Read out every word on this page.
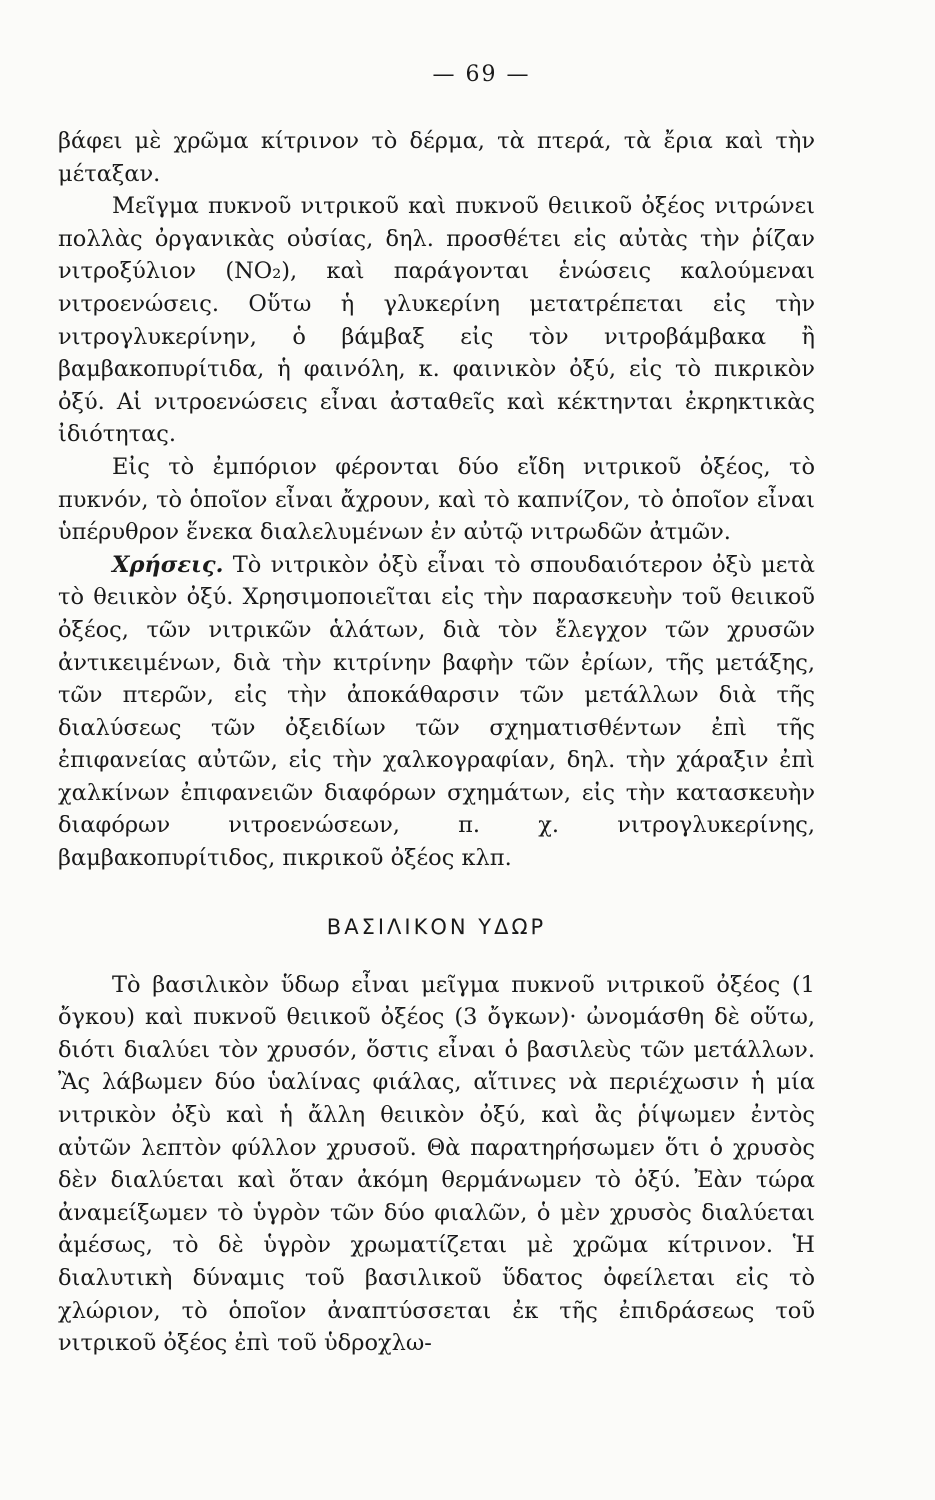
— 69 —

βάφει μὲ χρῶμα κίτρινον τὸ δέρμα, τὰ πτερά, τὰ ἔρια καὶ τὴν μέταξαν.

Μεῖγμα πυκνοῦ νιτρικοῦ καὶ πυκνοῦ θειικοῦ ὀξέος νιτρώνει πολλὰς ὀργανικὰς οὐσίας, δηλ. προσθέτει εἰς αὐτὰς τὴν ῥίζαν νιτροξύλιον (NO₂), καὶ παράγονται ἑνώσεις καλούμεναι νιτροενώσεις. Οὕτω ἡ γλυκερίνη μετατρέπεται εἰς τὴν νιτρογλυκερίνην, ὁ βάμβαξ εἰς τὸν νιτροβάμβακα ἢ βαμβακοπυρίτιδα, ἡ φαινόλη, κ. φαινικὸν ὀξύ, εἰς τὸ πικρικὸν ὀξύ. Αἱ νιτροενώσεις εἶναι ἀσταθεῖς καὶ κέκτηνται ἐκρηκτικὰς ἰδιότητας.

Εἰς τὸ ἐμπόριον φέρονται δύο εἴδη νιτρικοῦ ὀξέος, τὸ πυκνόν, τὸ ὁποῖον εἶναι ἄχρουν, καὶ τὸ καπνίζον, τὸ ὁποῖον εἶναι ὑπέρυθρον ἕνεκα διαλελυμένων ἐν αὐτῷ νιτρωδῶν ἀτμῶν.

Χρήσεις. Τὸ νιτρικὸν ὀξὺ εἶναι τὸ σπουδαιότερον ὀξὺ μετὰ τὸ θειικὸν ὀξύ. Χρησιμοποιεῖται εἰς τὴν παρασκευὴν τοῦ θειικοῦ ὀξέος, τῶν νιτρικῶν ἁλάτων, διὰ τὸν ἔλεγχον τῶν χρυσῶν ἀντικειμένων, διὰ τὴν κιτρίνην βαφὴν τῶν ἐρίων, τῆς μετάξης, τῶν πτερῶν, εἰς τὴν ἀποκάθαρσιν τῶν μετάλλων διὰ τῆς διαλύσεως τῶν ὀξειδίων τῶν σχηματισθέντων ἐπὶ τῆς ἐπιφανείας αὐτῶν, εἰς τὴν χαλκογραφίαν, δηλ. τὴν χάραξιν ἐπὶ χαλκίνων ἐπιφανειῶν διαφόρων σχημάτων, εἰς τὴν κατασκευὴν διαφόρων νιτροενώσεων, π. χ. νιτρογλυκερίνης, βαμβακοπυρίτιδος, πικρικοῦ ὀξέος κλπ.

ΒΑΣΙΛΙΚΟΝ ΥΔΩΡ

Τὸ βασιλικὸν ὕδωρ εἶναι μεῖγμα πυκνοῦ νιτρικοῦ ὀξέος (1 ὄγκου) καὶ πυκνοῦ θειικοῦ ὀξέος (3 ὄγκων)· ὠνομάσθη δὲ οὕτω, διότι διαλύει τὸν χρυσόν, ὅστις εἶναι ὁ βασιλεὺς τῶν μετάλλων. Ἂς λάβωμεν δύο ὑαλίνας φιάλας, αἵτινες νὰ περιέχωσιν ἡ μία νιτρικὸν ὀξὺ καὶ ἡ ἄλλη θειικὸν ὀξύ, καὶ ἂς ῥίψωμεν ἐντὸς αὐτῶν λεπτὸν φύλλον χρυσοῦ. Θὰ παρατηρήσωμεν ὅτι ὁ χρυσὸς δὲν διαλύεται καὶ ὅταν ἀκόμη θερμάνωμεν τὸ ὀξύ. Ἐὰν τώρα ἀναμείξωμεν τὸ ὑγρὸν τῶν δύο φιαλῶν, ὁ μὲν χρυσὸς διαλύεται ἀμέσως, τὸ δὲ ὑγρὸν χρωματίζεται μὲ χρῶμα κίτρινον. Ἡ διαλυτικὴ δύναμις τοῦ βασιλικοῦ ὕδατος ὀφείλεται εἰς τὸ χλώριον, τὸ ὁποῖον ἀναπτύσσεται ἐκ τῆς ἐπιδράσεως τοῦ νιτρικοῦ ὀξέος ἐπὶ τοῦ ὑδροχλω-
